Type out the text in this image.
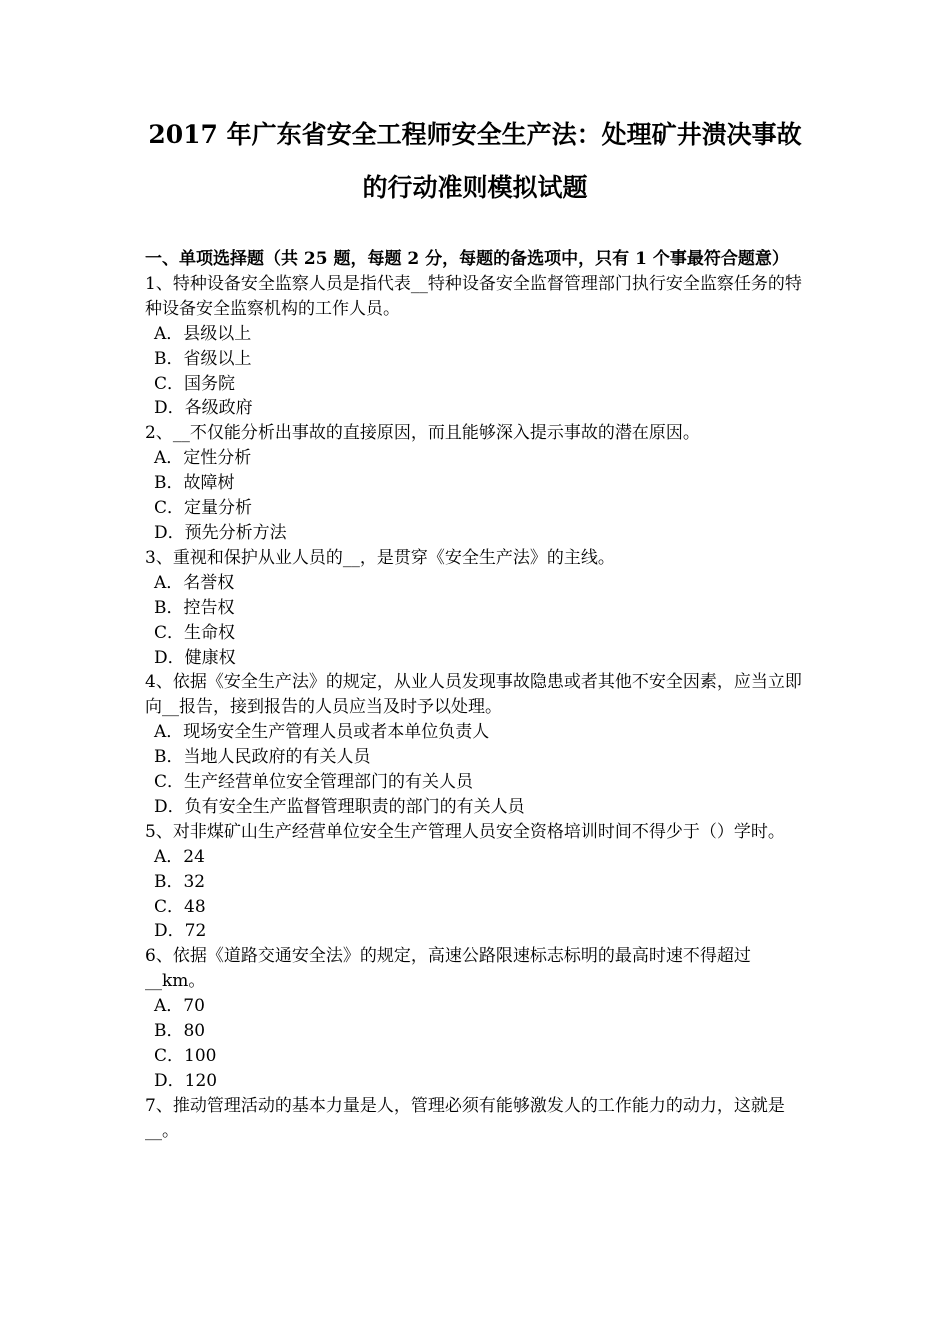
2017 年广东省安全工程师安全生产法：处理矿井溃决事故
的行动准则模拟试题

一、单项选择题（共 25 题，每题 2 分，每题的备选项中，只有 1 个事最符合题意）

1、特种设备安全监察人员是指代表__特种设备安全监督管理部门执行安全监察任务的特种设备安全监察机构的工作人员。

A．县级以上

B．省级以上

C．国务院

D．各级政府

2、__不仅能分析出事故的直接原因，而且能够深入提示事故的潜在原因。

A．定性分析

B．故障树

C．定量分析

D．预先分析方法

3、重视和保护从业人员的__，是贯穿《安全生产法》的主线。

A．名誉权

B．控告权

C．生命权

D．健康权

4、依据《安全生产法》的规定，从业人员发现事故隐患或者其他不安全因素，应当立即向__报告，接到报告的人员应当及时予以处理。

A．现场安全生产管理人员或者本单位负责人

B．当地人民政府的有关人员

C．生产经营单位安全管理部门的有关人员

D．负有安全生产监督管理职责的部门的有关人员

5、对非煤矿山生产经营单位安全生产管理人员安全资格培训时间不得少于（）学时。

A．24

B．32

C．48

D．72

6、依据《道路交通安全法》的规定，高速公路限速标志标明的最高时速不得超过__km。

A．70

B．80

C．100

D．120

7、推动管理活动的基本力量是人，管理必须有能够激发人的工作能力的动力，这就是__。
